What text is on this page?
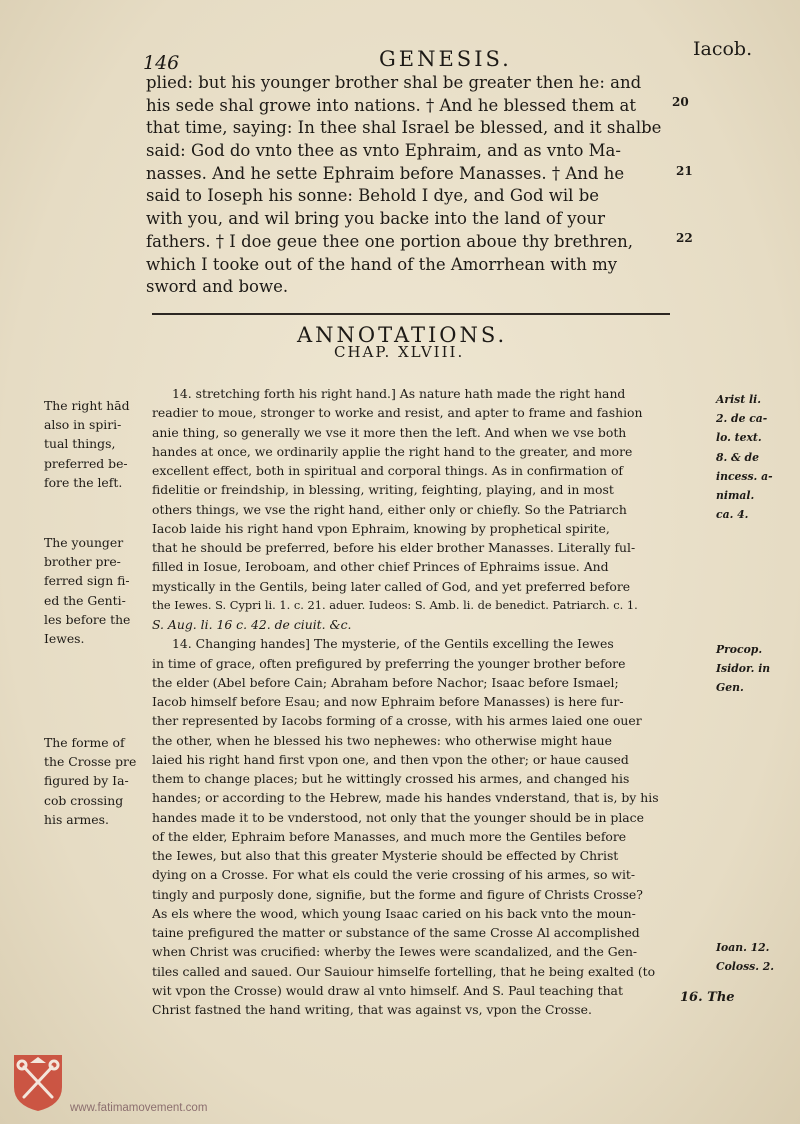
146	GENESIS.	Iacob.
plied: but his younger brother shal be greater then he: and
his sede shal growe into nations. † And he blessed them at
that time, saying: In thee shal Israel be blessed, and it shalbe
said: God do vnto thee as vnto Ephraim, and as vnto Ma-
nasses. And he sette Ephraim before Manasses. † And he
said to Ioseph his sonne: Behold I dye, and God wil be
with you, and wil bring you backe into the land of your
fathers. † I doe geue thee one portion aboue thy brethren,
which I tooke out of the hand of the Amorrhean with my
sword and bowe.
20
21
22
ANNOTATIONS.
CHAP. XLVIII.
14. stretching forth his right hand.] As nature hath made the right hand
readier to moue, stronger to worke and resist, and apter to frame and fashion
anie thing, so generally we vse it more then the left. And when we vse both
handes at once, we ordinarily applie the right hand to the greater, and more
excellent effect, both in spiritual and corporal things. As in confirmation of
fidelitie or freindship, in blessing, writing, feighting, playing, and in most
others things, we vse the right hand, either only or chiefly. So the Patriarch
Iacob laide his right hand vpon Ephraim, knowing by prophetical spirite,
that he should be preferred, before his elder brother Manasses. Literally ful-
filled in Iosue, Ieroboam, and other chief Princes of Ephraims issue. And
mystically in the Gentils, being later called of God, and yet preferred before
the Iewes. S. Cypri li. 1. c. 21. aduer. Iudeos: S. Amb. li. de benedict. Patriarch. c. 1.
S. Aug. li. 16 c. 42. de ciuit. &c.
14. Changing handes] The mysterie, of the Gentils excelling the Iewes
in time of grace, often prefigured by preferring the younger brother before
the elder (Abel before Cain; Abraham before Nachor; Isaac before Ismael;
Iacob himself before Esau; and now Ephraim before Manasses) is here fur-
ther represented by Iacobs forming of a crosse, with his armes laied one ouer
the other, when he blessed his two nephewes: who otherwise might haue
laied his right hand first vpon one, and then vpon the other; or haue caused
them to change places; but he wittingly crossed his armes, and changed his
handes; or according to the Hebrew, made his handes vnderstand, that is, by his
handes made it to be vnderstood, not only that the younger should be in place
of the elder, Ephraim before Manasses, and much more the Gentiles before
the Iewes, but also that this greater Mysterie should be effected by Christ
dying on a Crosse. For what els could the verie crossing of his armes, so wit-
tingly and purposly done, signifie, but the forme and figure of Christs Crosse?
As els where the wood, which young Isaac caried on his back vnto the moun-
taine prefigured the matter or substance of the same Crosse Al accomplished
when Christ was crucified: wherby the Iewes were scandalized, and the Gen-
tiles called and saued. Our Sauiour himselfe fortelling, that he being exalted (to
wit vpon the Crosse) would draw al vnto himself. And S. Paul teaching that
Christ fastned the hand writing, that was against vs, vpon the Crosse.
The right hād
also in spiri-
tual things,
preferred be-
fore the left.
The younger
brother pre-
ferred sign fi-
ed the Genti-
les before the
Iewes.
The forme of
the Crosse pre
figured by Ia-
cob crossing
his armes.
Arist li.
2. de ca-
lo. text.
8. & de
incess. a-
nimal.
ca. 4.
Procop.
Isidor. in
Gen.
Ioan. 12.
Coloss. 2.
16. The
www.fatimamovement.com
